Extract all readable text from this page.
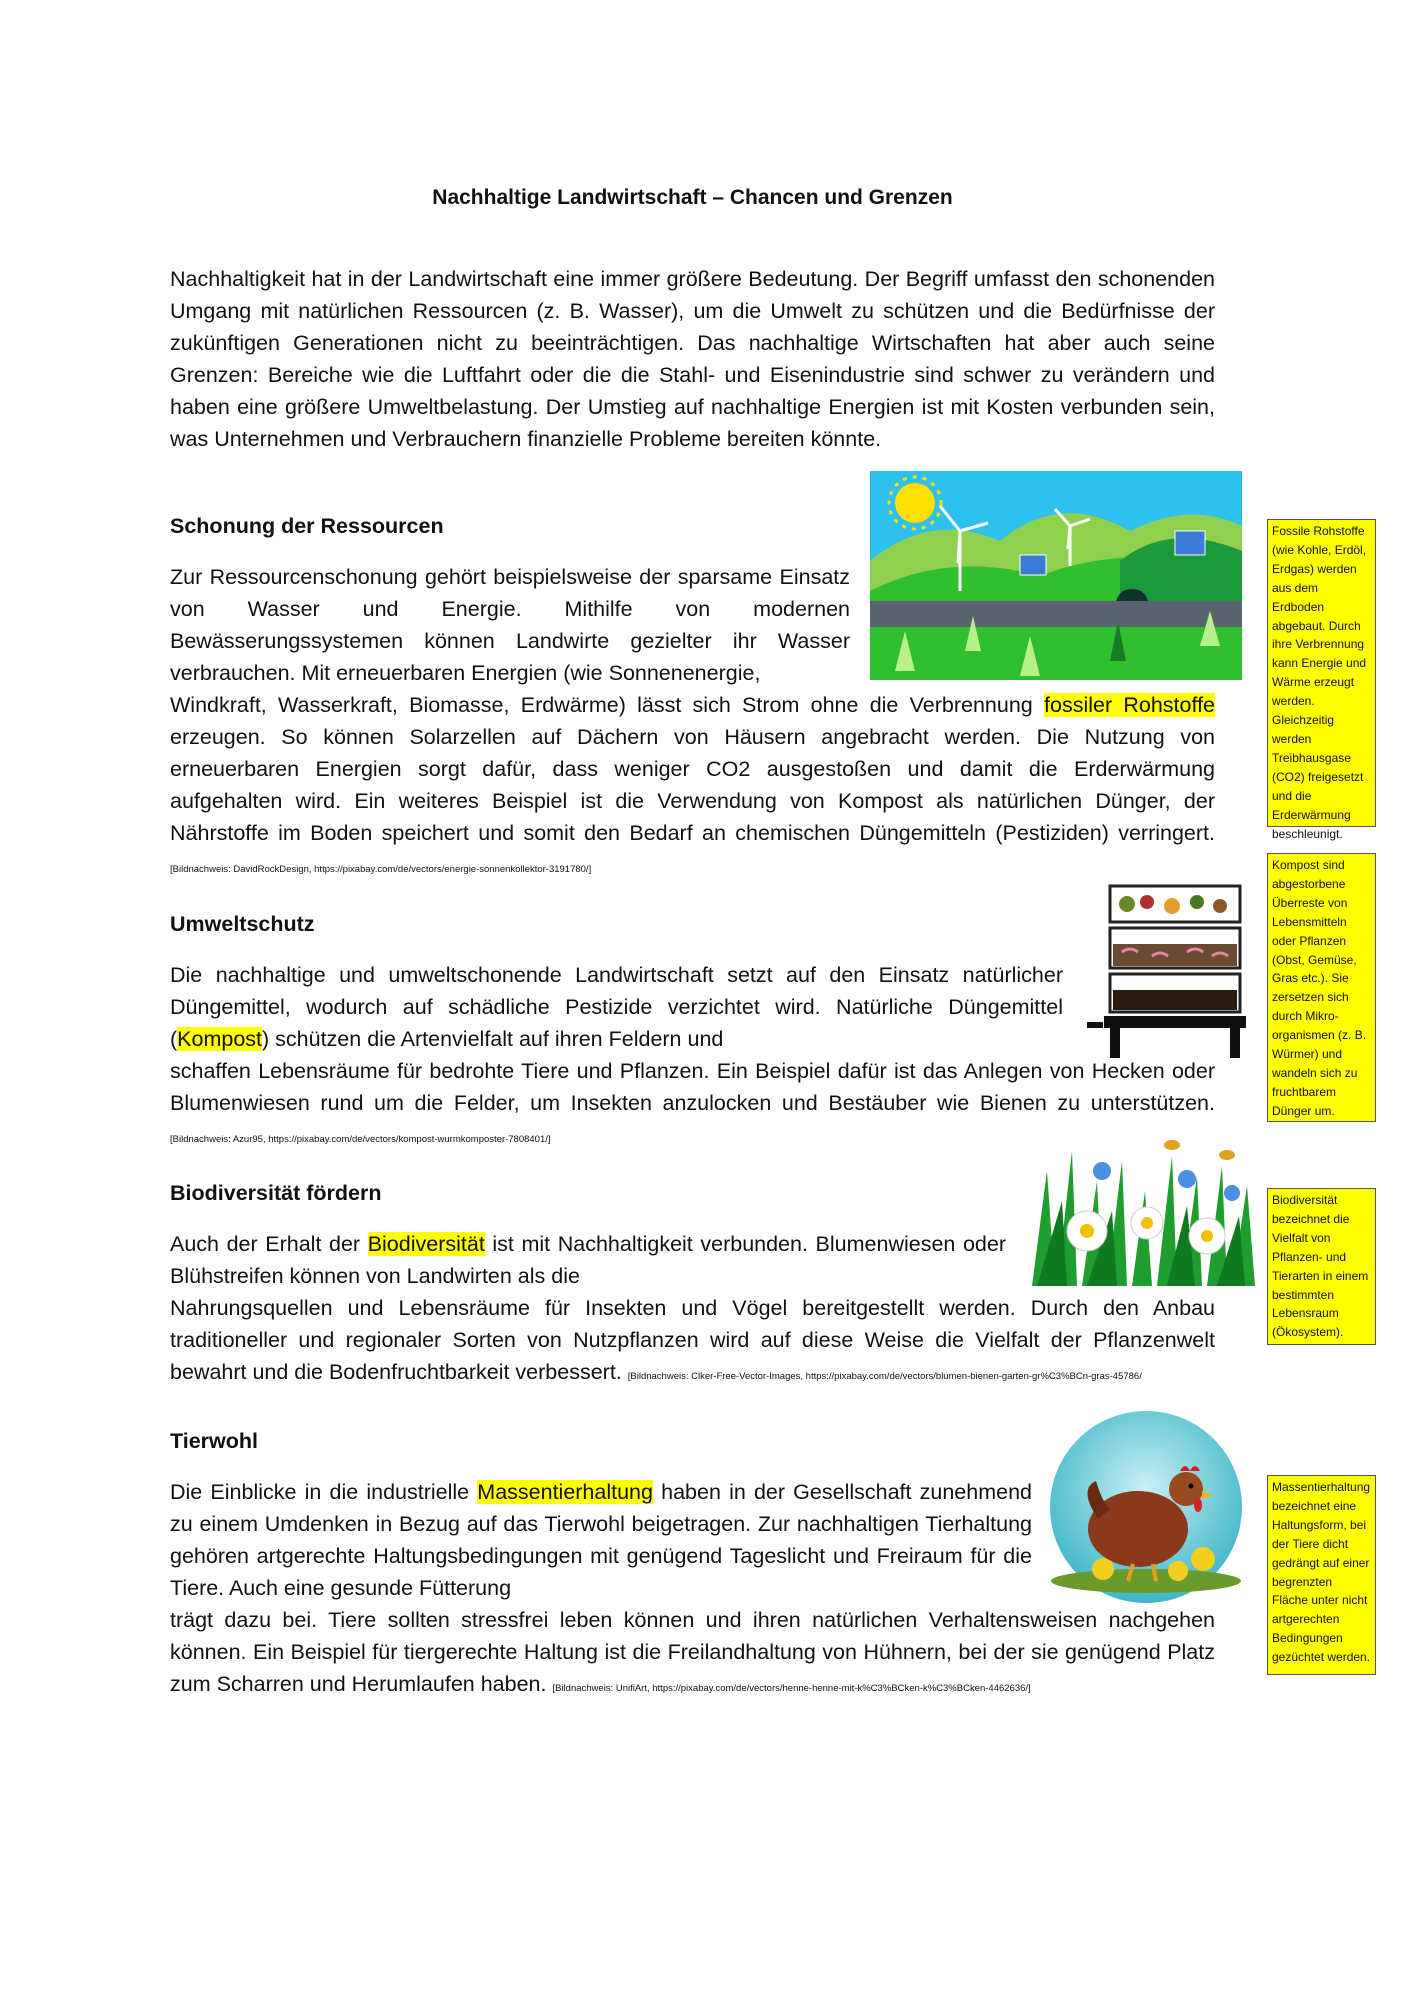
Nachhaltige Landwirtschaft – Chancen und Grenzen

Nachhaltigkeit hat in der Landwirtschaft eine immer größere Bedeutung. Der Begriff umfasst den schonenden Umgang mit natürlichen Ressourcen (z. B. Wasser), um die Umwelt zu schützen und die Bedürfnisse der zukünftigen Generationen nicht zu beeinträchtigen. Das nachhaltige Wirtschaften hat aber auch seine Grenzen: Bereiche wie die Luftfahrt oder die die Stahl- und Eisenindustrie sind schwer zu verändern und haben eine größere Umweltbelastung. Der Umstieg auf nachhaltige Energien ist mit Kosten verbunden sein, was Unternehmen und Verbrauchern finanzielle Probleme bereiten könnte.

Schonung der Ressourcen

Zur Ressourcenschonung gehört beispielsweise der sparsame Einsatz von Wasser und Energie. Mithilfe von modernen Bewässerungssystemen können Landwirte gezielter ihr Wasser verbrauchen. Mit erneuerbaren Energien (wie Sonnenenergie,

Windkraft, Wasserkraft, Biomasse, Erdwärme) lässt sich Strom ohne die Verbrennung fossiler Rohstoffe erzeugen. So können Solarzellen auf Dächern von Häusern angebracht werden. Die Nutzung von erneuerbaren Energien sorgt dafür, dass weniger CO2 ausgestoßen und damit die Erderwärmung aufgehalten wird. Ein weiteres Beispiel ist die Verwendung von Kompost als natürlichen Dünger, der Nährstoffe im Boden speichert und somit den Bedarf an chemischen Düngemitteln (Pestiziden) verringert. [Bildnachweis: DavidRockDesign, https://pixabay.com/de/vectors/energie-sonnenkollektor-3191780/]

Fossile Rohstoffe (wie Kohle, Erdöl, Erdgas) werden aus dem Erdboden abgebaut. Durch ihre Verbrennung kann Energie und Wärme erzeugt werden. Gleichzeitig werden Treibhausgase (CO2) freigesetzt und die Erderwärmung beschleunigt.
Umweltschutz

Die nachhaltige und umweltschonende Landwirtschaft setzt auf den Einsatz natürlicher Düngemittel, wodurch auf schädliche Pestizide verzichtet wird. Natürliche Düngemittel (Kompost) schützen die Artenvielfalt auf ihren Feldern und

schaffen Lebensräume für bedrohte Tiere und Pflanzen. Ein Beispiel dafür ist das Anlegen von Hecken oder Blumenwiesen rund um die Felder, um Insekten anzulocken und Bestäuber wie Bienen zu unterstützen.[Bildnachweis: Azur95, https://pixabay.com/de/vectors/kompost-wurmkomposter-7808401/]

Kompost sind abgestorbene Überreste von Lebensmitteln oder Pflanzen (Obst, Gemüse, Gras etc.). Sie zersetzen sich durch Mikro-organismen (z. B. Würmer) und wandeln sich zu fruchtbarem Dünger um.
Biodiversität fördern

Auch der Erhalt der Biodiversität ist mit Nachhaltigkeit verbunden. Blumenwiesen oder Blühstreifen können von Landwirten als die

Nahrungsquellen und Lebensräume für Insekten und Vögel bereitgestellt werden. Durch den Anbau traditioneller und regionaler Sorten von Nutzpflanzen wird auf diese Weise die Vielfalt der Pflanzenwelt bewahrt und die Bodenfruchtbarkeit verbessert. [Bildnachweis: Clker-Free-Vector-Images, https://pixabay.com/de/vectors/blumen-bienen-garten-gr%C3%BCn-gras-45786/

Biodiversität bezeichnet die Vielfalt von Pflanzen- und Tierarten in einem bestimmten Lebensraum (Ökosystem).
Tierwohl

Die Einblicke in die industrielle Massentierhaltung haben in der Gesellschaft zunehmend zu einem Umdenken in Bezug auf das Tierwohl beigetragen. Zur nachhaltigen Tierhaltung gehören artgerechte Haltungsbedingungen mit genügend Tageslicht und Freiraum für die Tiere. Auch eine gesunde Fütterung

trägt dazu bei. Tiere sollten stressfrei leben können und ihren natürlichen Verhaltensweisen nachgehen können. Ein Beispiel für tiergerechte Haltung ist die Freilandhaltung von Hühnern, bei der sie genügend Platz zum Scharren und Herumlaufen haben. [Bildnachweis: UnifiArt, https://pixabay.com/de/vectors/henne-henne-mit-k%C3%BCken-k%C3%BCken-4462636/]

Massentierhaltung bezeichnet eine Haltungsform, bei der Tiere dicht gedrängt auf einer begrenzten Fläche unter nicht artgerechten Bedingungen gezüchtet werden.
